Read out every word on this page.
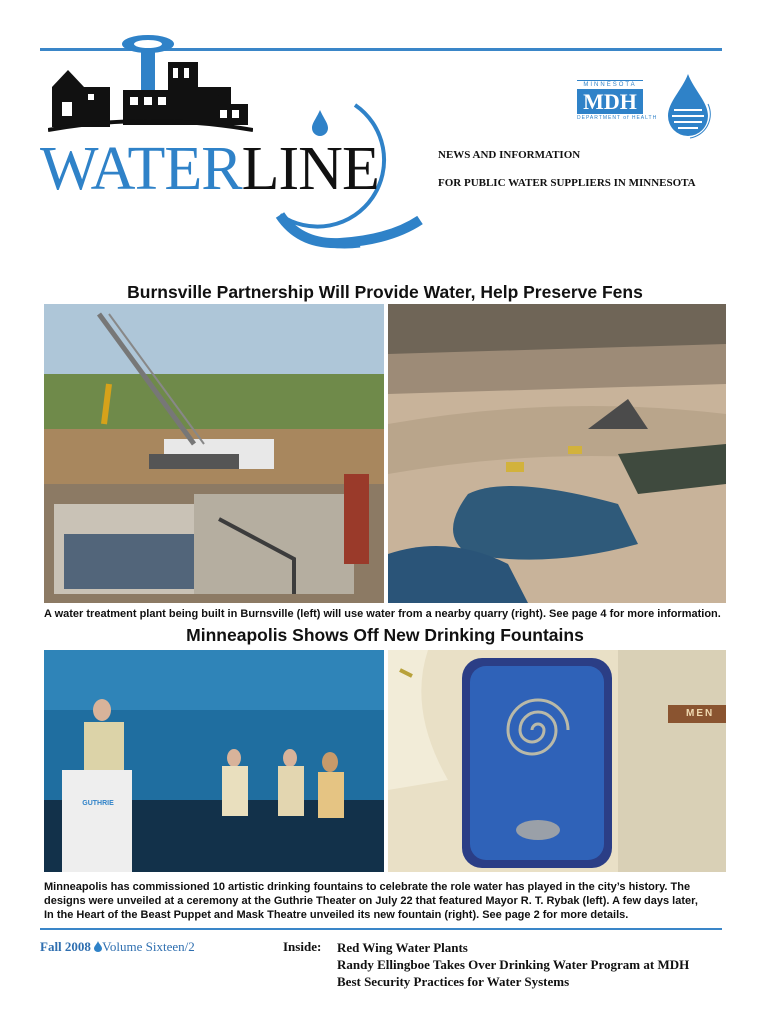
WATERLINE
MINNESOTA
MDH
DEPARTMENT of HEALTH
NEWS AND INFORMATION
FOR PUBLIC WATER SUPPLIERS IN MINNESOTA
Burnsville Partnership Will Provide Water, Help Preserve Fens
A water treatment plant being built in Burnsville (left) will use water from a nearby quarry (right). See page 4 for more information.
Minneapolis Shows Off New Drinking Fountains
GUTHRIE
MEN
Minneapolis has commissioned 10 artistic drinking fountains to celebrate the role water has played in the city’s history. The
designs were unveiled at a ceremony at the Guthrie Theater on July 22 that featured Mayor R. T. Rybak (left). A few days later,
In the Heart of the Beast Puppet and Mask Theatre unveiled its new fountain (right). See page 2 for more details.
Fall 2008 Volume Sixteen/2	Inside: Red Wing Water Plants
Randy Ellingboe Takes Over Drinking Water Program at MDH
Best Security Practices for Water Systems
